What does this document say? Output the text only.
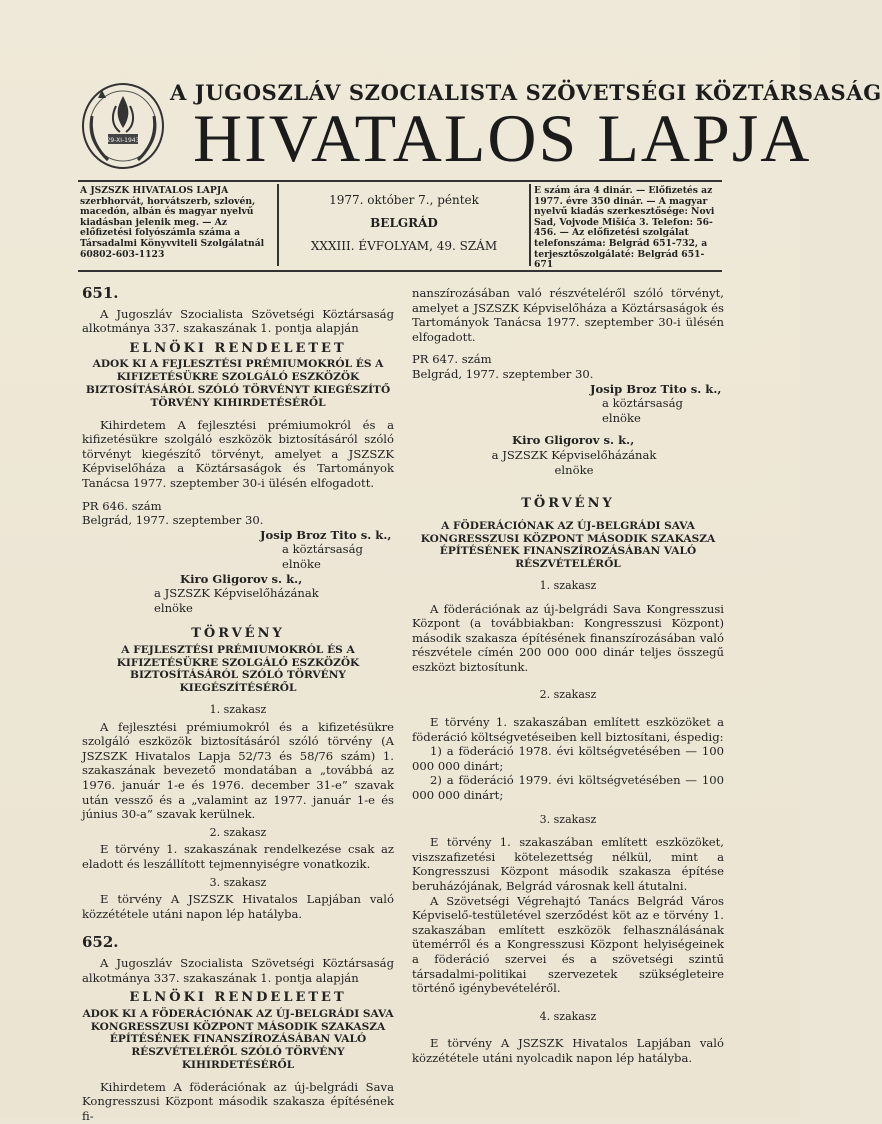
29-XI-1943
A JUGOSZLÁV SZOCIALISTA SZÖVETSÉGI KÖZTÁRSASÁG
HIVATALOS LAPJA
A JSZSZK HIVATALOS LAPJA szerbhorvát, horvátszerb, szlovén, macedón, albán és magyar nyelvű kiadásban jelenik meg. — Az előfizetési folyószámla száma a Társadalmi Könyvviteli Szolgálatnál 60802-603-1123
1977. október 7., péntek
BELGRÁD
XXXIII. ÉVFOLYAM, 49. SZÁM
E szám ára 4 dinár. — Előfizetés az 1977. évre 350 dinár. — A magyar nyelvű kiadás szerkesztősége: Novi Sad, Vojvode Mišića 3. Telefon: 56-456. — Az előfizetési szolgálat telefonszáma: Belgrád 651-732, a terjesztőszolgálaté: Belgrád 651-671
651.

A Jugoszláv Szocialista Szövetségi Köztársaság alkotmánya 337. szakaszának 1. pontja alapján

ELNÖKI RENDELETET
ADOK KI A FEJLESZTÉSI PRÉMIUMOKRÓL ÉS A KIFIZETÉSÜKRE SZOLGÁLÓ ESZKÖZÖK BIZTOSÍTÁSÁRÓL SZÓLÓ TÖRVÉNYT KIEGÉSZÍTŐ TÖRVÉNY KIHIRDETÉSÉRŐL

Kihirdetem A fejlesztési prémiumokról és a kifizetésükre szolgáló eszközök biztosításáról szóló törvényt kiegészítő törvényt, amelyet a JSZSZK Képviselőháza a Köztársaságok és Tartományok Tanácsa 1977. szeptember 30-i ülésén elfogadott.

PR 646. szám
Belgrád, 1977. szeptember 30.
Josip Broz Tito s. k.,
a köztársaság elnöke
Kiro Gligorov s. k.,
a JSZSZK Képviselőházának elnöke
TÖRVÉNY
A FEJLESZTÉSI PRÉMIUMOKRÓL ÉS A KIFIZETÉSÜKRE SZOLGÁLÓ ESZKÖZÖK BIZTOSÍTÁSÁRÓL SZÓLÓ TÖRVÉNY KIEGÉSZÍTÉSÉRŐL
1. szakasz

A fejlesztési prémiumokról és a kifizetésükre szolgáló eszközök biztosításáról szóló törvény (A JSZSZK Hivatalos Lapja 52/73 és 58/76 szám) 1. szakaszának bevezető mondatában a „továbbá az 1976. január 1-e és 1976. december 31-e” szavak után vessző és a „valamint az 1977. január 1-e és június 30-a” szavak kerülnek.

2. szakasz

E törvény 1. szakaszának rendelkezése csak az eladott és leszállított tejmennyiségre vonatkozik.

3. szakasz

E törvény A JSZSZK Hivatalos Lapjában való közzététele utáni napon lép hatályba.

652.

A Jugoszláv Szocialista Szövetségi Köztársaság alkotmánya 337. szakaszának 1. pontja alapján

ELNÖKI RENDELETET
ADOK KI A FÖDERÁCIÓNAK AZ ÚJ-BELGRÁDI SAVA KONGRESSZUSI KÖZPONT MÁSODIK SZAKASZA ÉPÍTÉSÉNEK FINANSZÍROZÁSÁBAN VALÓ RÉSZVÉTELÉRŐL SZÓLÓ TÖRVÉNY KIHIRDETÉSÉRŐL

Kihirdetem A föderációnak az új-belgrádi Sava Kongresszusi Központ második szakasza építésének fi-

nanszírozásában való részvételéről szóló törvényt, amelyet a JSZSZK Képviselőháza a Köztársaságok és Tartományok Tanácsa 1977. szeptember 30-i ülésén elfogadott.

PR 647. szám
Belgrád, 1977. szeptember 30.
Josip Broz Tito s. k.,
a köztársaság elnöke
Kiro Gligorov s. k.,
a JSZSZK Képviselőházának elnöke
TÖRVÉNY
A FÖDERÁCIÓNAK AZ ÚJ-BELGRÁDI SAVA KONGRESSZUSI KÖZPONT MÁSODIK SZAKASZA ÉPÍTÉSÉNEK FINANSZÍROZÁSÁBAN VALÓ RÉSZVÉTELÉRŐL
1. szakasz

A föderációnak az új-belgrádi Sava Kongresszusi Központ (a továbbiakban: Kongresszusi Központ) második szakasza építésének finanszírozásában való részvétele címén 200 000 000 dinár teljes összegű eszközt biztosítunk.

2. szakasz

E törvény 1. szakaszában említett eszközöket a föderáció költségvetéseiben kell biztosítani, éspedig:

1) a föderáció 1978. évi költségvetésében — 100 000 000 dinárt;

2) a föderáció 1979. évi költségvetésében — 100 000 000 dinárt;

3. szakasz

E törvény 1. szakaszában említett eszközöket, viszszafizetési kötelezettség nélkül, mint a Kongresszusi Központ második szakasza építése beruházójának, Belgrád városnak kell átutalni.

A Szövetségi Végrehajtó Tanács Belgrád Város Képviselő-testületével szerződést köt az e törvény 1. szakaszában említett eszközök felhasználásának ütemérről és a Kongresszusi Központ helyiségeinek a föderáció szervei és a szövetségi szintű társadalmi-politikai szervezetek szükségleteire történő igénybevételéről.

4. szakasz

E törvény A JSZSZK Hivatalos Lapjában való közzététele utáni nyolcadik napon lép hatályba.
